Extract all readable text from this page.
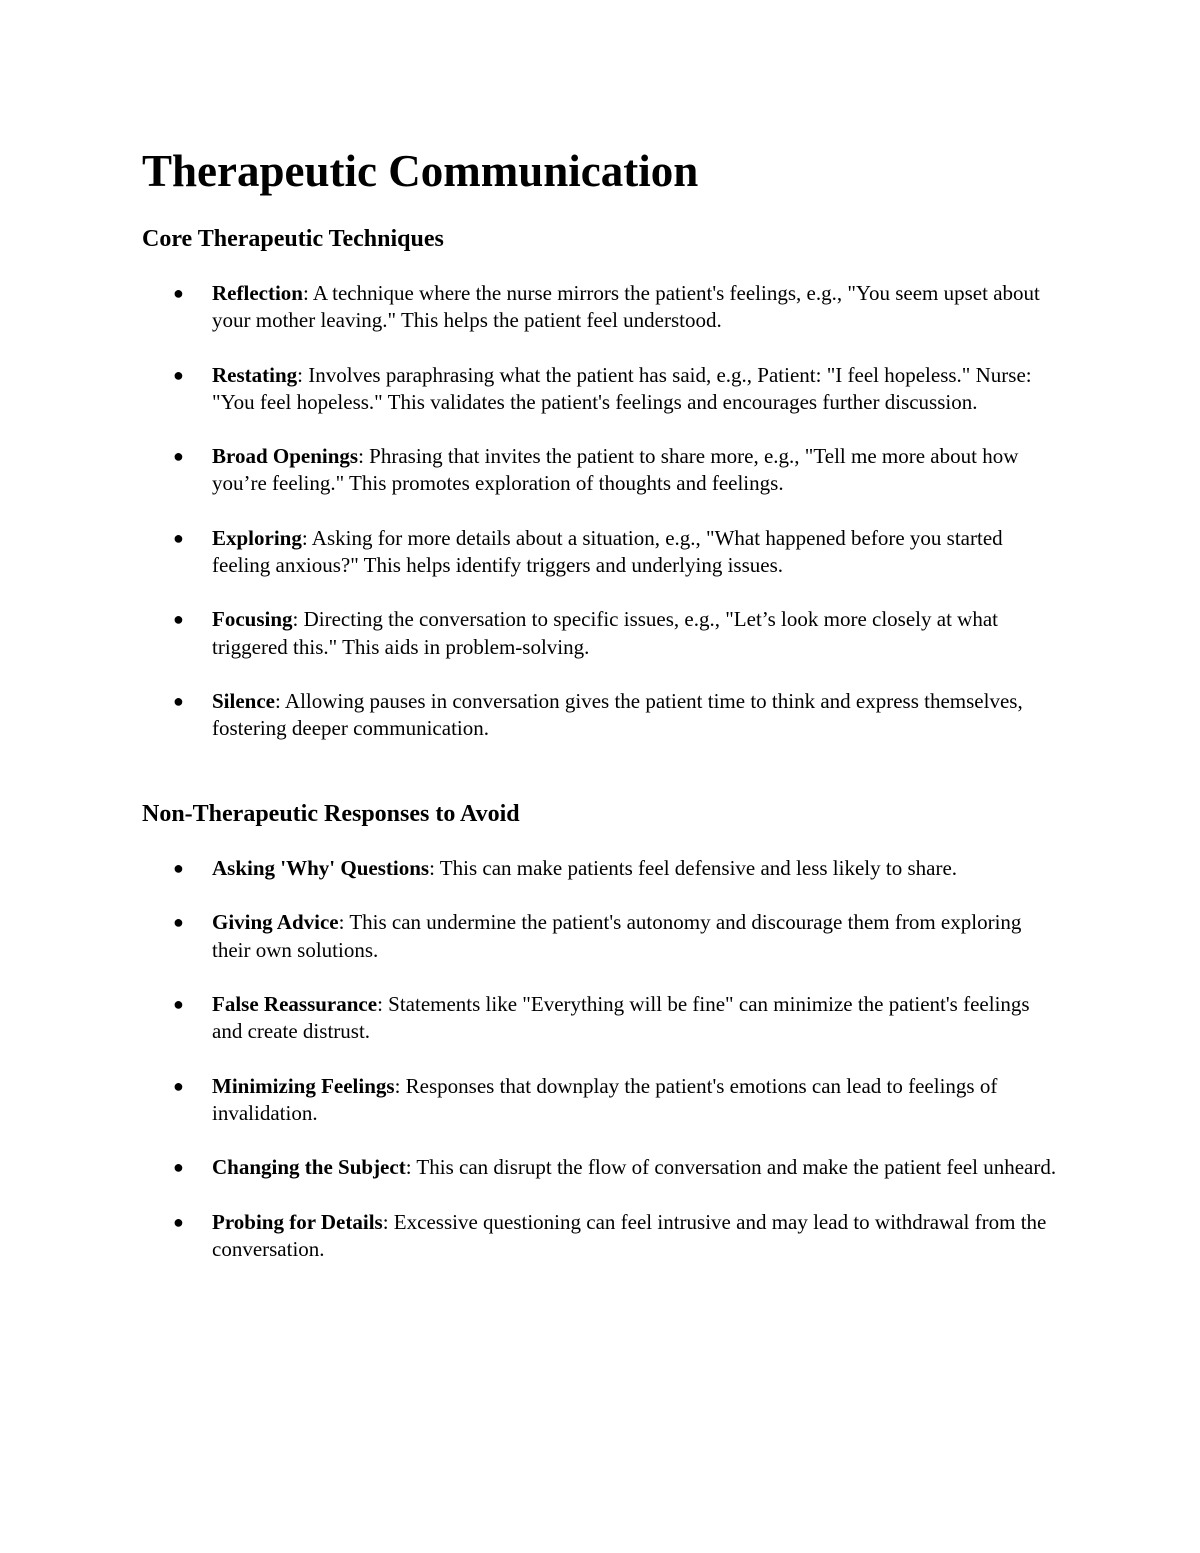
Therapeutic Communication
Core Therapeutic Techniques
● Reflection: A technique where the nurse mirrors the patient's feelings, e.g., "You seem upset about your mother leaving." This helps the patient feel understood.
● Restating: Involves paraphrasing what the patient has said, e.g., Patient: "I feel hopeless." Nurse: "You feel hopeless." This validates the patient's feelings and encourages further discussion.
● Broad Openings: Phrasing that invites the patient to share more, e.g., "Tell me more about how you’re feeling." This promotes exploration of thoughts and feelings.
● Exploring: Asking for more details about a situation, e.g., "What happened before you started feeling anxious?" This helps identify triggers and underlying issues.
● Focusing: Directing the conversation to specific issues, e.g., "Let’s look more closely at what triggered this." This aids in problem-solving.
● Silence: Allowing pauses in conversation gives the patient time to think and express themselves, fostering deeper communication.
Non-Therapeutic Responses to Avoid
● Asking 'Why' Questions: This can make patients feel defensive and less likely to share.
● Giving Advice: This can undermine the patient's autonomy and discourage them from exploring their own solutions.
● False Reassurance: Statements like "Everything will be fine" can minimize the patient's feelings and create distrust.
● Minimizing Feelings: Responses that downplay the patient's emotions can lead to feelings of invalidation.
● Changing the Subject: This can disrupt the flow of conversation and make the patient feel unheard.
● Probing for Details: Excessive questioning can feel intrusive and may lead to withdrawal from the conversation.
